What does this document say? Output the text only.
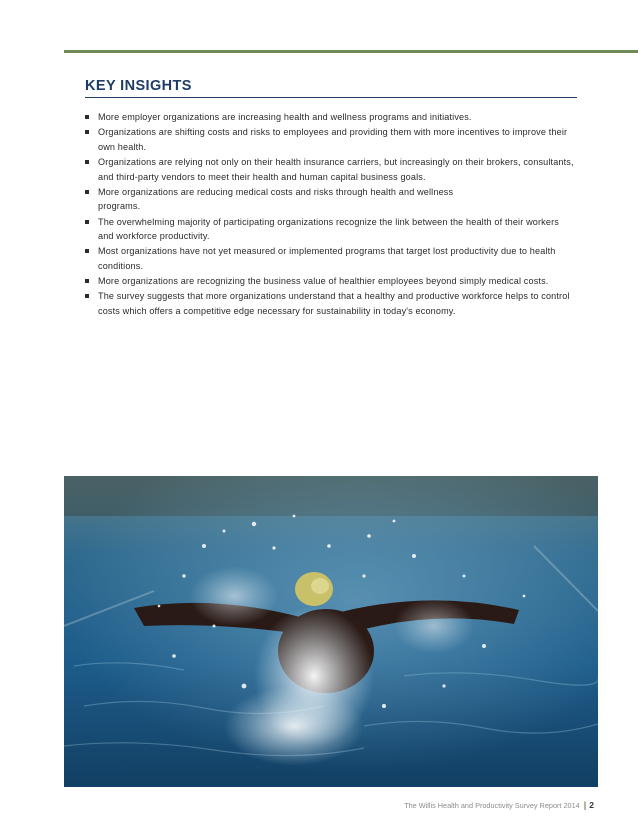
KEY INSIGHTS
More employer organizations are increasing health and wellness programs and initiatives.
Organizations are shifting costs and risks to employees and providing them with more incentives to improve their own health.
Organizations are relying not only on their health insurance carriers, but increasingly on their brokers, consultants, and third-party vendors to meet their health and human capital business goals.
More organizations are reducing medical costs and risks through health and wellness programs.
The overwhelming majority of participating organizations recognize the link between the health of their workers and workforce productivity.
Most organizations have not yet measured or implemented programs that target lost productivity due to health conditions.
More organizations are recognizing the business value of healthier employees beyond simply medical costs.
The survey suggests that more organizations understand that a healthy and productive workforce helps to control costs which offers a competitive edge necessary for sustainability in today's economy.
The Willis Health and Productivity Survey Report 2014 | 2
